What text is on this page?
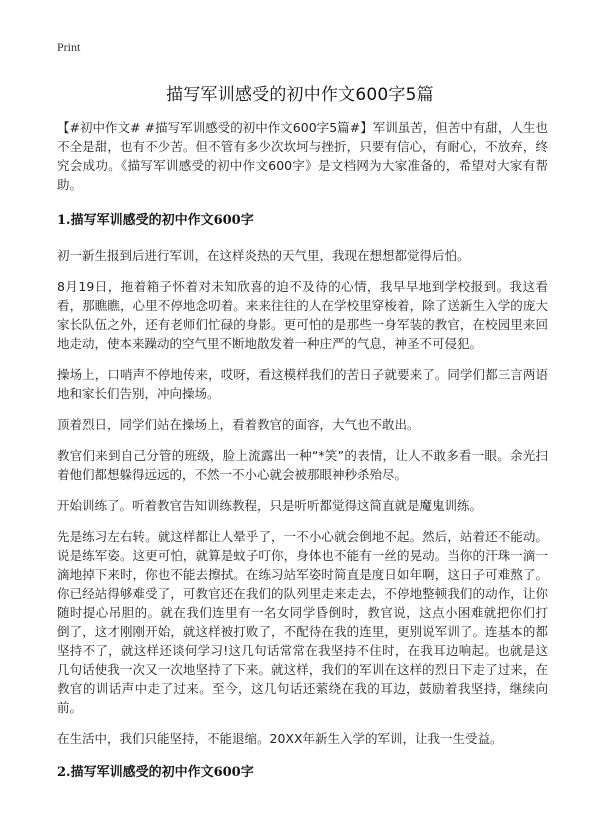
Print
描写军训感受的初中作文600字5篇

【#初中作文# #描写军训感受的初中作文600字5篇#】军训虽苦，但苦中有甜，人生也不全是甜，也有不少苦。但不管有多少次坎坷与挫折，只要有信心，有耐心，不放弃，终究会成功。《描写军训感受的初中作文600字》是文档网为大家准备的，希望对大家有帮助。

1.描写军训感受的初中作文600字

初一新生报到后进行军训，在这样炎热的天气里，我现在想想都觉得后怕。

8月19日，拖着箱子怀着对未知欣喜的迫不及待的心情，我早早地到学校报到。我这看看，那瞧瞧，心里不停地念叨着。来来往往的人在学校里穿梭着，除了送新生入学的庞大家长队伍之外，还有老师们忙碌的身影。更可怕的是那些一身军装的教官，在校园里来回地走动，使本来躁动的空气里不断地散发着一种庄严的气息，神圣不可侵犯。

操场上，口哨声不停地传来，哎呀，看这模样我们的苦日子就要来了。同学们都三言两语地和家长们告别，冲向操场。

顶着烈日，同学们站在操场上，看着教官的面容，大气也不敢出。

教官们来到自己分管的班级，脸上流露出一种“*笑”的表情，让人不敢多看一眼。余光扫着他们都想躲得远远的，不然一不小心就会被那眼神秒杀殆尽。

开始训练了。听着教官告知训练教程，只是听听都觉得这简直就是魔鬼训练。

先是练习左右转。就这样都让人晕乎了，一不小心就会倒地不起。然后，站着还不能动。说是练军姿。这更可怕，就算是蚊子叮你，身体也不能有一丝的晃动。当你的汗珠一滴一滴地掉下来时，你也不能去擦拭。在练习站军姿时简直是度日如年啊，这日子可难熬了。你已经站得够难受了，可教官还在我们的队列里走来走去，不停地整顿我们的动作，让你随时提心吊胆的。就在我们连里有一名女同学昏倒时，教官说，这点小困难就把你们打 倒了，这才刚刚开始，就这样被打败了，不配待在我的连里，更别说军训了。连基本的都坚持不了，就这样还谈何学习!这几句话常常在我坚持不住时，在我耳边响起。也就是这几句话使我一次又一次地坚持了下来。就这样，我们的军训在这样的烈日下走了过来，在教官的训话声中走了过来。至今，这几句话还萦绕在我的耳边，鼓励着我坚持，继续向前。

在生活中，我们只能坚持，不能退缩。20XX年新生入学的军训，让我一生受益。

2.描写军训感受的初中作文600字
